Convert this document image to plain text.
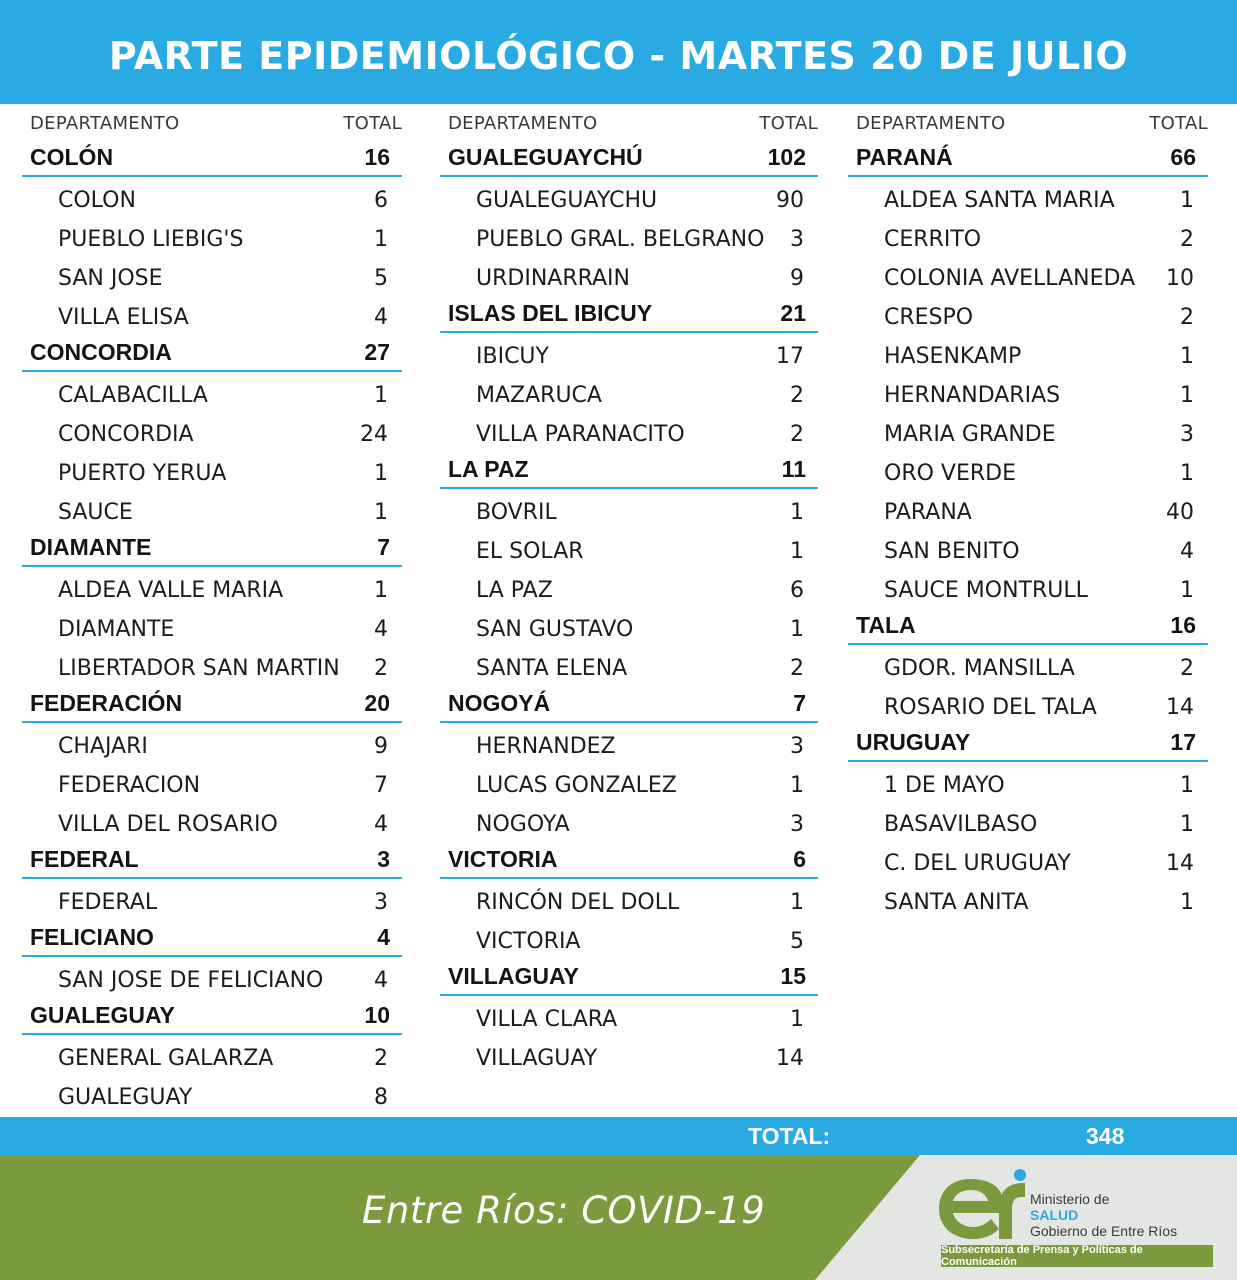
PARTE EPIDEMIOLÓGICO - MARTES 20 DE JULIO
DEPARTAMENTO	TOTAL
COLÓN	16
COLON	6
PUEBLO LIEBIG'S	1
SAN JOSE	5
VILLA ELISA	4
CONCORDIA	27
CALABACILLA	1
CONCORDIA	24
PUERTO YERUA	1
SAUCE	1
DIAMANTE	7
ALDEA VALLE MARIA	1
DIAMANTE	4
LIBERTADOR SAN MARTIN 2
FEDERACIÓN	20
CHAJARI	9
FEDERACION	7
VILLA DEL ROSARIO	4
FEDERAL	3
FEDERAL	3
FELICIANO	4
SAN JOSE DE FELICIANO 4
GUALEGUAY	10
GENERAL GALARZA	2
GUALEGUAY	8
DEPARTAMENTO	TOTAL
GUALEGUAYCHÚ	102
GUALEGUAYCHU	90
PUEBLO GRAL. BELGRANO 3
URDINARRAIN	9
ISLAS DEL IBICUY	21
IBICUY	17
MAZARUCA	2
VILLA PARANACITO	2
LA PAZ	11
BOVRIL	1
EL SOLAR	1
LA PAZ	6
SAN GUSTAVO	1
SANTA ELENA	2
NOGOYÁ	7
HERNANDEZ	3
LUCAS GONZALEZ	1
NOGOYA	3
VICTORIA	6
RINCÓN DEL DOLL	1
VICTORIA	5
VILLAGUAY	15
VILLA CLARA	1
VILLAGUAY	14
DEPARTAMENTO	TOTAL
PARANÁ	66
ALDEA SANTA MARIA	1
CERRITO	2
COLONIA AVELLANEDA 10
CRESPO	2
HASENKAMP	1
HERNANDARIAS	1
MARIA GRANDE	3
ORO VERDE	1
PARANA	40
SAN BENITO	4
SAUCE MONTRULL	1
TALA	16
GDOR. MANSILLA	2
ROSARIO DEL TALA	14
URUGUAY	17
1 DE MAYO	1
BASAVILBASO	1
C. DEL URUGUAY	14
SANTA ANITA	1
TOTAL:	348
Entre Ríos: COVID-19	Ministerio de
SALUD
Gobierno de Entre Ríos
Subsecretaría de Prensa y Políticas de Comunicación
